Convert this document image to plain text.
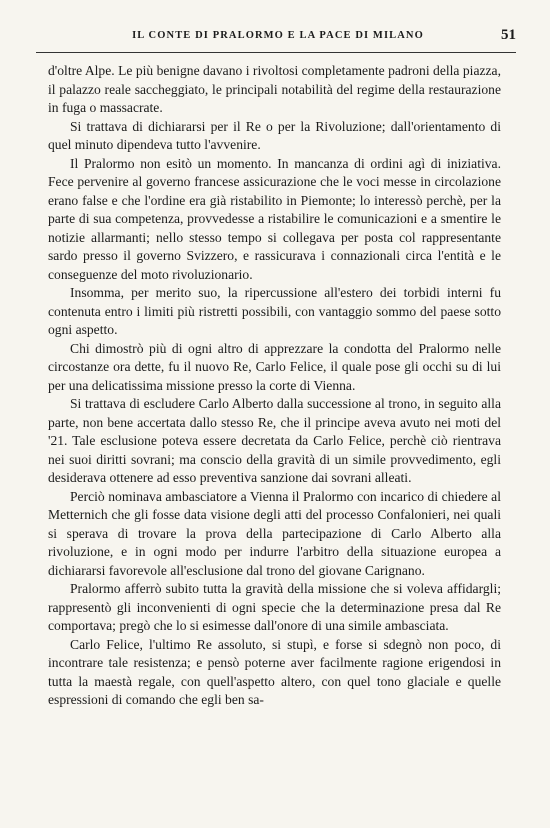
IL CONTE DI PRALORMO E LA PACE DI MILANO	51

d'oltre Alpe. Le più benigne davano i rivoltosi completamente padroni della piazza, il palazzo reale saccheggiato, le principali notabilità del regime della restaurazione in fuga o massacrate.

Si trattava di dichiararsi per il Re o per la Rivoluzione; dall'orientamento di quel minuto dipendeva tutto l'avvenire.

Il Pralormo non esitò un momento. In mancanza di ordini agì di iniziativa. Fece pervenire al governo francese assicurazione che le voci messe in circolazione erano false e che l'ordine era già ristabilito in Piemonte; lo interessò perchè, per la parte di sua competenza, provvedesse a ristabilire le comunicazioni e a smentire le notizie allarmanti; nello stesso tempo si collegava per posta col rappresentante sardo presso il governo Svizzero, e rassicurava i connazionali circa l'entità e le conseguenze del moto rivoluzionario.

Insomma, per merito suo, la ripercussione all'estero dei torbidi interni fu contenuta entro i limiti più ristretti possibili, con vantaggio sommo del paese sotto ogni aspetto.

Chi dimostrò più di ogni altro di apprezzare la condotta del Pralormo nelle circostanze ora dette, fu il nuovo Re, Carlo Felice, il quale pose gli occhi su di lui per una delicatissima missione presso la corte di Vienna.

Si trattava di escludere Carlo Alberto dalla successione al trono, in seguito alla parte, non bene accertata dallo stesso Re, che il principe aveva avuto nei moti del '21. Tale esclusione poteva essere decretata da Carlo Felice, perchè ciò rientrava nei suoi diritti sovrani; ma conscio della gravità di un simile provvedimento, egli desiderava ottenere ad esso preventiva sanzione dai sovrani alleati.

Perciò nominava ambasciatore a Vienna il Pralormo con incarico di chiedere al Metternich che gli fosse data visione degli atti del processo Confalonieri, nei quali si sperava di trovare la prova della partecipazione di Carlo Alberto alla rivoluzione, e in ogni modo per indurre l'arbitro della situazione europea a dichiararsi favorevole all'esclusione dal trono del giovane Carignano.

Pralormo afferrò subito tutta la gravità della missione che si voleva affidargli; rappresentò gli inconvenienti di ogni specie che la determinazione presa dal Re comportava; pregò che lo si esimesse dall'onore di una simile ambasciata.

Carlo Felice, l'ultimo Re assoluto, si stupì, e forse si sdegnò non poco, di incontrare tale resistenza; e pensò poterne aver facilmente ragione erigendosi in tutta la maestà regale, con quell'aspetto altero, con quel tono glaciale e quelle espressioni di comando che egli ben sa-
